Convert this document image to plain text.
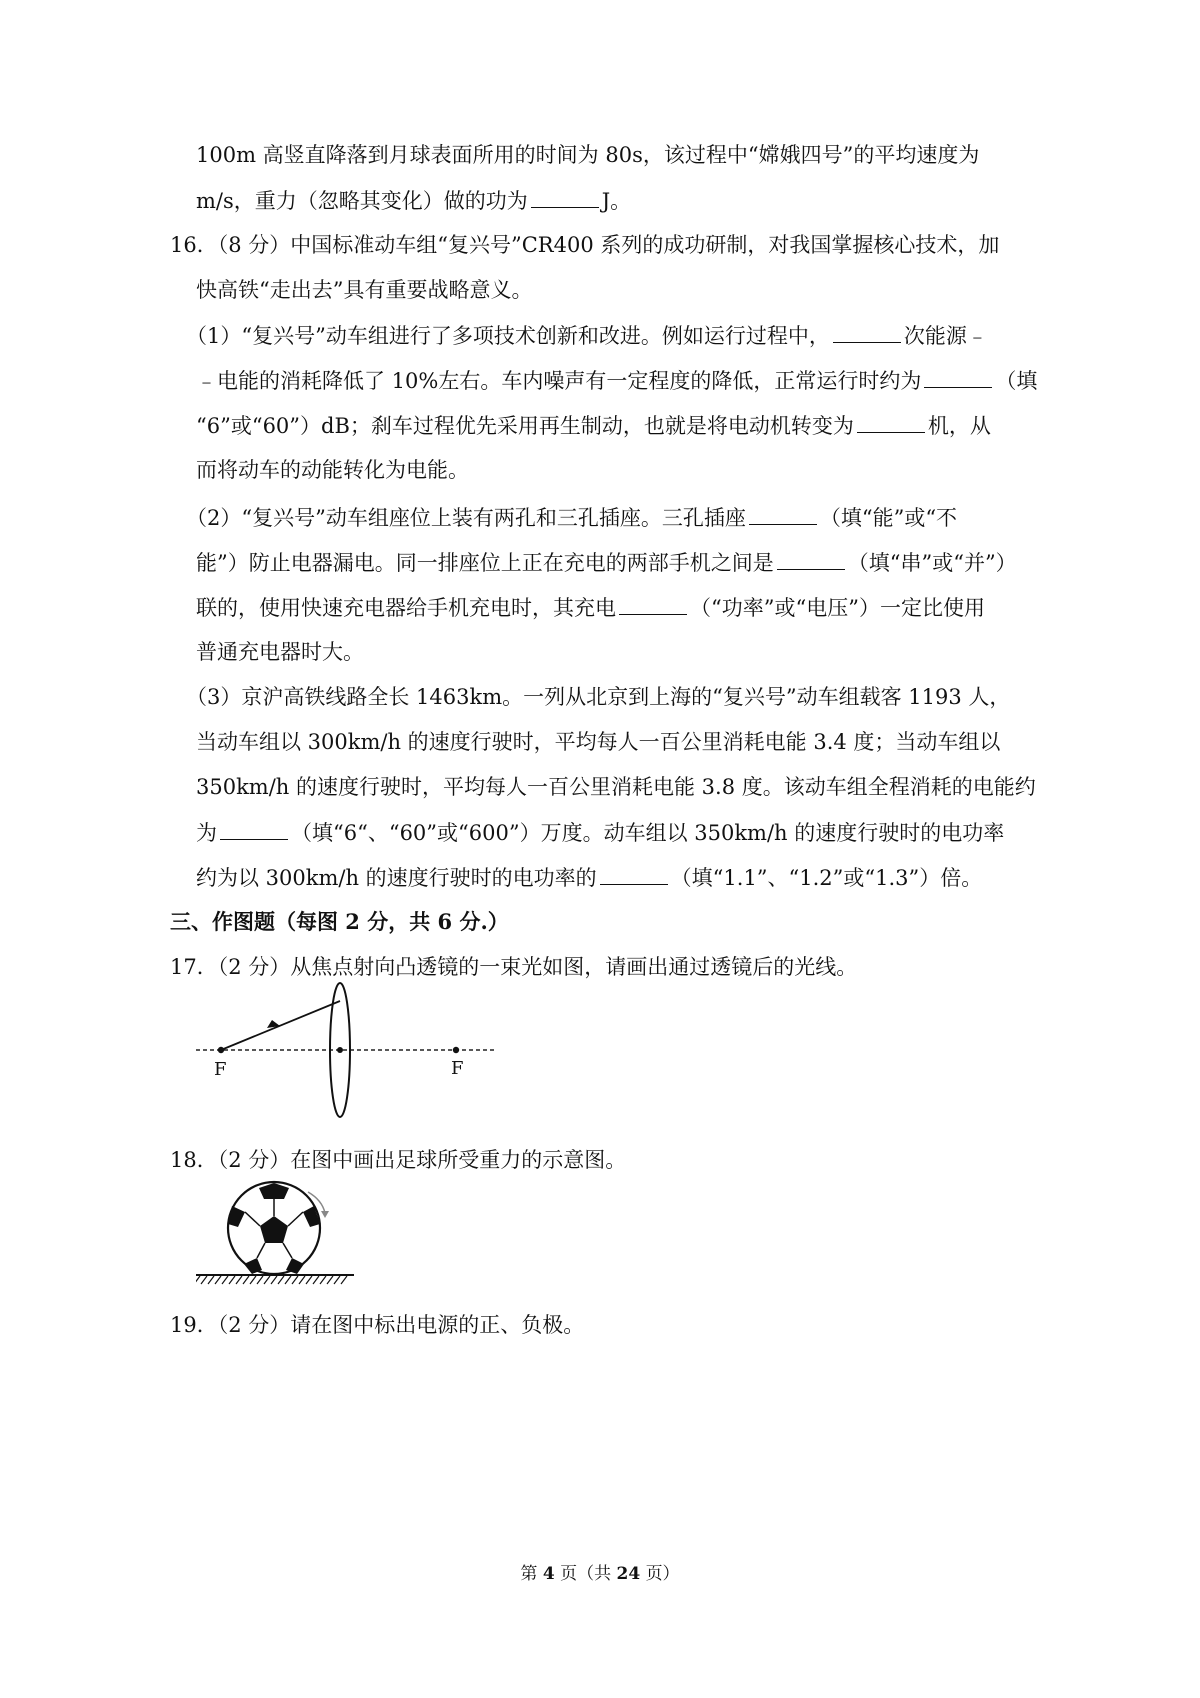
100m 高竖直降落到月球表面所用的时间为 80s，该过程中“嫦娥四号”的平均速度为
m/s，重力（忽略其变化）做的功为	J。
16．（8 分）中国标准动车组“复兴号”CR400 系列的成功研制，对我国掌握核心技术，加
快高铁“走出去”具有重要战略意义。
（1）“复兴号”动车组进行了多项技术创新和改进。例如运行过程中，	次能源﹣
﹣电能的消耗降低了 10%左右。车内噪声有一定程度的降低，正常运行时约为	（填
“6”或“60”）dB；刹车过程优先采用再生制动，也就是将电动机转变为	机，从
而将动车的动能转化为电能。
（2）“复兴号”动车组座位上装有两孔和三孔插座。三孔插座	（填“能”或“不
能”）防止电器漏电。同一排座位上正在充电的两部手机之间是	（填“串”或“并”）
联的，使用快速充电器给手机充电时，其充电	（“功率”或“电压”）一定比使用
普通充电器时大。
（3）京沪高铁线路全长 1463km。一列从北京到上海的“复兴号”动车组载客 1193 人，
当动车组以 300km/h 的速度行驶时，平均每人一百公里消耗电能 3.4 度；当动车组以
350km/h 的速度行驶时，平均每人一百公里消耗电能 3.8 度。该动车组全程消耗的电能约
为	（填“6“、“60”或“600”）万度。动车组以 350km/h 的速度行驶时的电功率
约为以 300km/h 的速度行驶时的电功率的	（填“1.1”、“1.2”或“1.3”）倍。
三、作图题（每图 2 分，共 6 分.）
17．（2 分）从焦点射向凸透镜的一束光如图，请画出通过透镜后的光线。
F	F
18．（2 分）在图中画出足球所受重力的示意图。
19．（2 分）请在图中标出电源的正、负极。
第 4 页（共 24 页）
